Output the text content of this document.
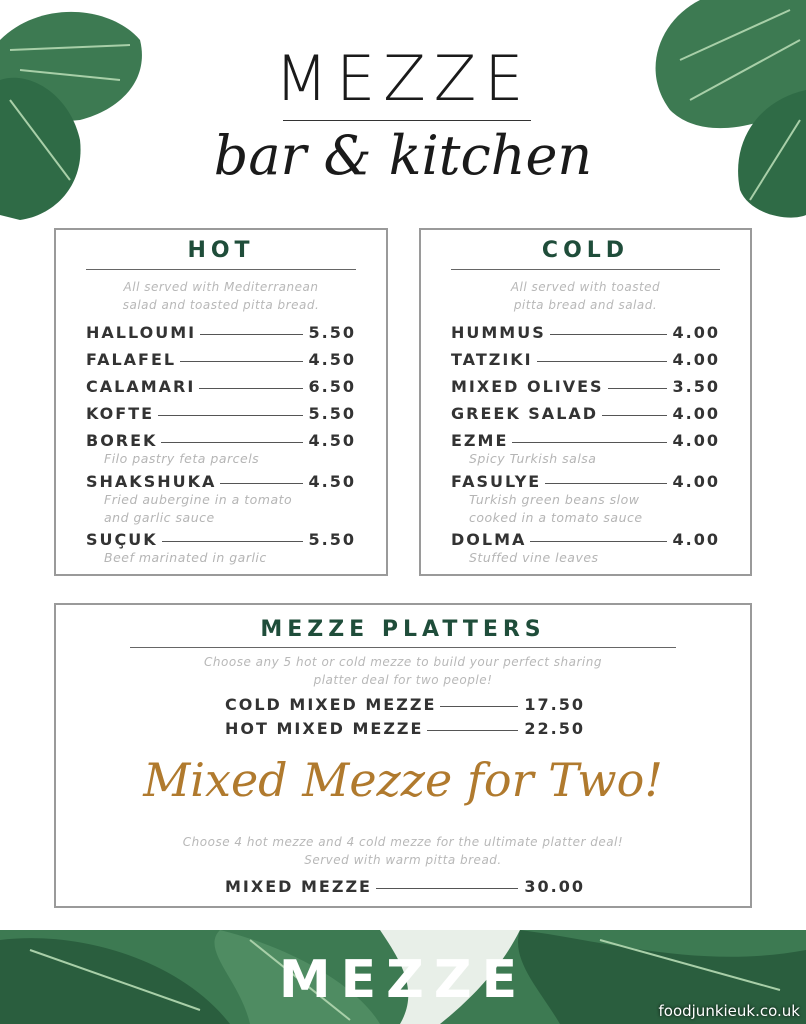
MEZZE
bar & kitchen
HOT
All served with Mediterranean salad and toasted pitta bread.
HALLOUMI	5.50
FALAFEL	4.50
CALAMARI	6.50
KOFTE	5.50
BOREK	4.50
Filo pastry feta parcels
SHAKSHUKA	4.50
Fried aubergine in a tomato and garlic sauce
SUÇUK	5.50
Beef marinated in garlic
COLD
All served with toasted pitta bread and salad.
HUMMUS	4.00
TATZIKI	4.00
MIXED OLIVES	3.50
GREEK SALAD	4.00
EZME	4.00
Spicy Turkish salsa
FASULYE	4.00
Turkish green beans slow cooked in a tomato sauce
DOLMA	4.00
Stuffed vine leaves
MEZZE PLATTERS
Choose any 5 hot or cold mezze to build your perfect sharing platter deal for two people!
COLD MIXED MEZZE	17.50
HOT MIXED MEZZE	22.50
Mixed Mezze for Two!
Choose 4 hot mezze and 4 cold mezze for the ultimate platter deal! Served with warm pitta bread.
MIXED MEZZE	30.00
MEZZE
foodjunkieuk.co.uk
